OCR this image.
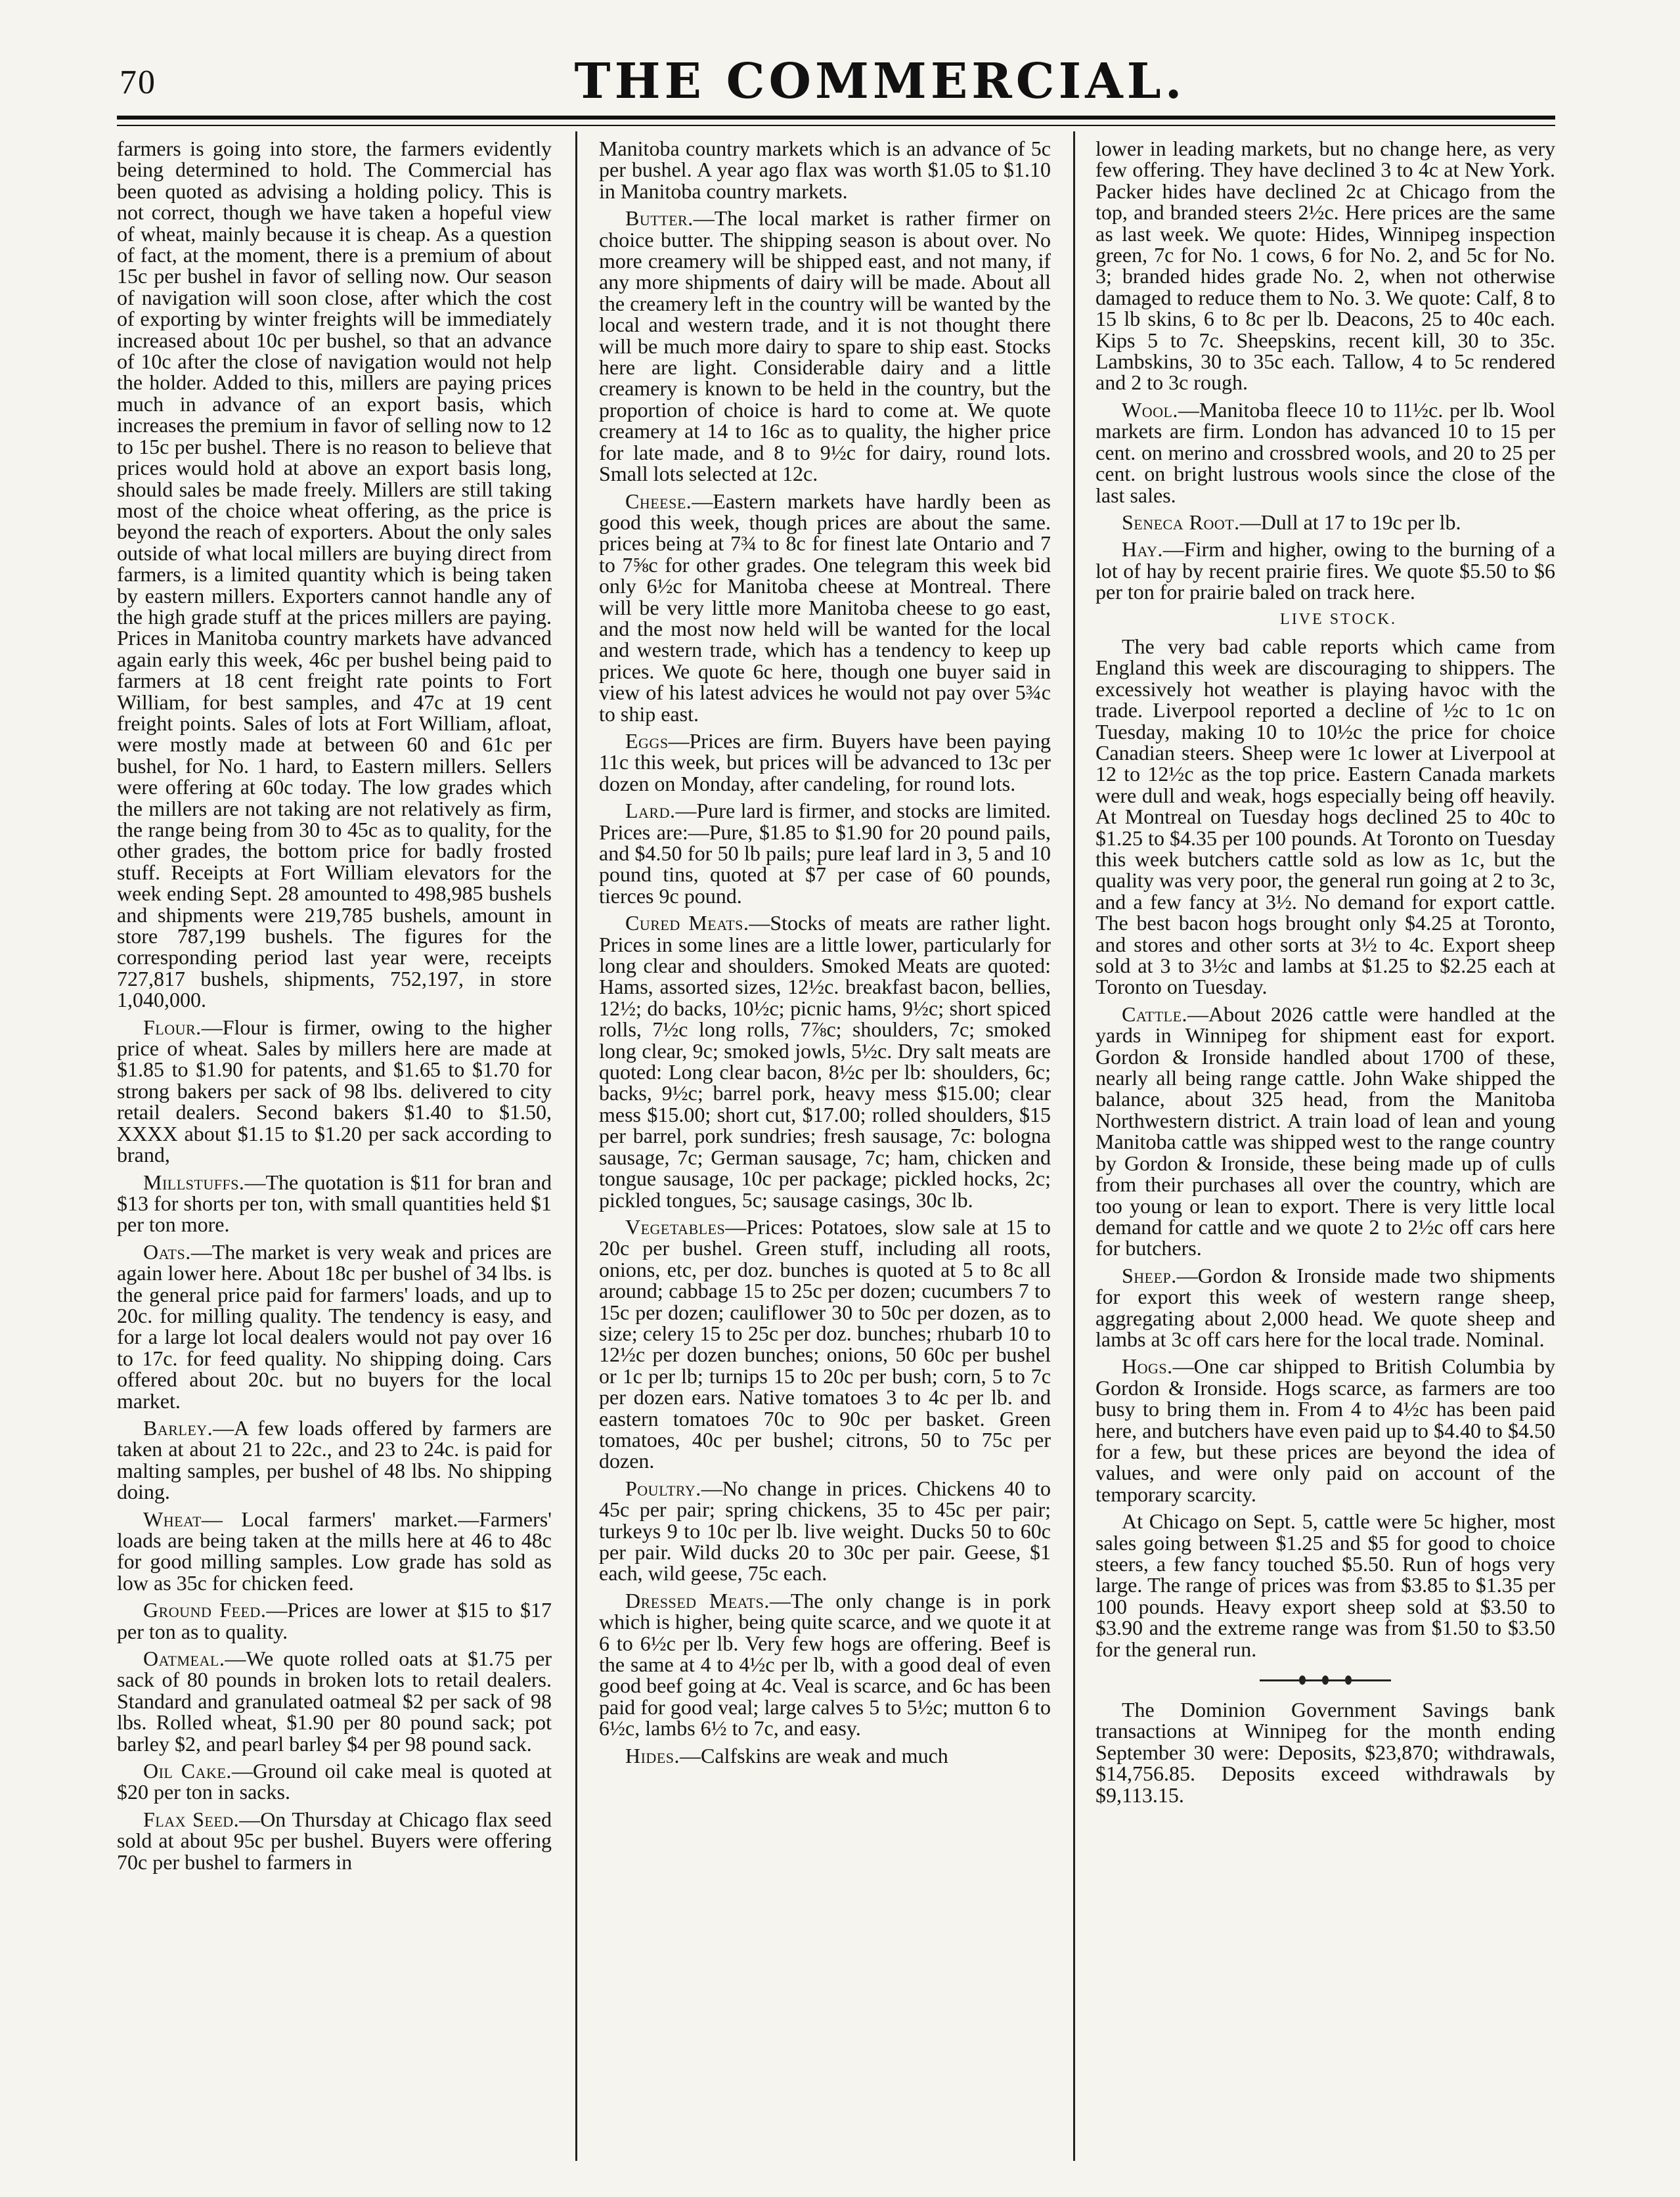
70	THE COMMERCIAL.

farmers is going into store, the farmers evidently being determined to hold. The Commercial has been quoted as advising a holding policy. This is not correct, though we have taken a hopeful view of wheat, mainly because it is cheap. As a question of fact, at the moment, there is a premium of about 15c per bushel in favor of selling now. Our season of navigation will soon close, after which the cost of exporting by winter freights will be immediately increased about 10c per bushel, so that an advance of 10c after the close of navigation would not help the holder. Added to this, millers are paying prices much in advance of an export basis, which increases the premium in favor of selling now to 12 to 15c per bushel. There is no reason to believe that prices would hold at above an export basis long, should sales be made freely. Millers are still taking most of the choice wheat offering, as the price is beyond the reach of exporters. About the only sales outside of what local millers are buying direct from farmers, is a limited quantity which is being taken by eastern millers. Exporters cannot handle any of the high grade stuff at the prices millers are paying. Prices in Manitoba country markets have advanced again early this week, 46c per bushel being paid to farmers at 18 cent freight rate points to Fort William, for best samples, and 47c at 19 cent freight points. Sales of lots at Fort William, afloat, were mostly made at between 60 and 61c per bushel, for No. 1 hard, to Eastern millers. Sellers were offering at 60c today. The low grades which the millers are not taking are not relatively as firm, the range being from 30 to 45c as to quality, for the other grades, the bottom price for badly frosted stuff. Receipts at Fort William elevators for the week ending Sept. 28 amounted to 498,985 bushels and shipments were 219,785 bushels, amount in store 787,199 bushels. The figures for the corresponding period last year were, receipts 727,817 bushels, shipments, 752,197, in store 1,040,000.

Flour.—Flour is firmer, owing to the higher price of wheat. Sales by millers here are made at $1.85 to $1.90 for patents, and $1.65 to $1.70 for strong bakers per sack of 98 lbs. delivered to city retail dealers. Second bakers $1.40 to $1.50, XXXX about $1.15 to $1.20 per sack according to brand,

Millstuffs.—The quotation is $11 for bran and $13 for shorts per ton, with small quantities held $1 per ton more.

Oats.—The market is very weak and prices are again lower here. About 18c per bushel of 34 lbs. is the general price paid for farmers' loads, and up to 20c. for milling quality. The tendency is easy, and for a large lot local dealers would not pay over 16 to 17c. for feed quality. No shipping doing. Cars offered about 20c. but no buyers for the local market.

Barley.—A few loads offered by farmers are taken at about 21 to 22c., and 23 to 24c. is paid for malting samples, per bushel of 48 lbs. No shipping doing.

Wheat— Local farmers' market.—Farmers' loads are being taken at the mills here at 46 to 48c for good milling samples. Low grade has sold as low as 35c for chicken feed.

Ground Feed.—Prices are lower at $15 to $17 per ton as to quality.

Oatmeal.—We quote rolled oats at $1.75 per sack of 80 pounds in broken lots to retail dealers. Standard and granulated oatmeal $2 per sack of 98 lbs. Rolled wheat, $1.90 per 80 pound sack; pot barley $2, and pearl barley $4 per 98 pound sack.

Oil Cake.—Ground oil cake meal is quoted at $20 per ton in sacks.

Flax Seed.—On Thursday at Chicago flax seed sold at about 95c per bushel. Buyers were offering 70c per bushel to farmers in

Manitoba country markets which is an advance of 5c per bushel. A year ago flax was worth $1.05 to $1.10 in Manitoba country markets.

Butter.—The local market is rather firmer on choice butter. The shipping season is about over. No more creamery will be shipped east, and not many, if any more shipments of dairy will be made. About all the creamery left in the country will be wanted by the local and western trade, and it is not thought there will be much more dairy to spare to ship east. Stocks here are light. Considerable dairy and a little creamery is known to be held in the country, but the proportion of choice is hard to come at. We quote creamery at 14 to 16c as to quality, the higher price for late made, and 8 to 9½c for dairy, round lots. Small lots selected at 12c.

Cheese.—Eastern markets have hardly been as good this week, though prices are about the same. prices being at 7¾ to 8c for finest late Ontario and 7 to 7⅝c for other grades. One telegram this week bid only 6½c for Manitoba cheese at Montreal. There will be very little more Manitoba cheese to go east, and the most now held will be wanted for the local and western trade, which has a tendency to keep up prices. We quote 6c here, though one buyer said in view of his latest advices he would not pay over 5¾c to ship east.

Eggs—Prices are firm. Buyers have been paying 11c this week, but prices will be advanced to 13c per dozen on Monday, after candeling, for round lots.

Lard.—Pure lard is firmer, and stocks are limited. Prices are:—Pure, $1.85 to $1.90 for 20 pound pails, and $4.50 for 50 lb pails; pure leaf lard in 3, 5 and 10 pound tins, quoted at $7 per case of 60 pounds, tierces 9c pound.

Cured Meats.—Stocks of meats are rather light. Prices in some lines are a little lower, particularly for long clear and shoulders. Smoked Meats are quoted: Hams, assorted sizes, 12½c. breakfast bacon, bellies, 12½; do backs, 10½c; picnic hams, 9½c; short spiced rolls, 7½c long rolls, 7⅞c; shoulders, 7c; smoked long clear, 9c; smoked jowls, 5½c. Dry salt meats are quoted: Long clear bacon, 8½c per lb: shoulders, 6c; backs, 9½c; barrel pork, heavy mess $15.00; clear mess $15.00; short cut, $17.00; rolled shoulders, $15 per barrel, pork sundries; fresh sausage, 7c: bologna sausage, 7c; German sausage, 7c; ham, chicken and tongue sausage, 10c per package; pickled hocks, 2c; pickled tongues, 5c; sausage casings, 30c lb.

Vegetables—Prices: Potatoes, slow sale at 15 to 20c per bushel. Green stuff, including all roots, onions, etc, per doz. bunches is quoted at 5 to 8c all around; cabbage 15 to 25c per dozen; cucumbers 7 to 15c per dozen; cauliflower 30 to 50c per dozen, as to size; celery 15 to 25c per doz. bunches; rhubarb 10 to 12½c per dozen bunches; onions, 50 60c per bushel or 1c per lb; turnips 15 to 20c per bush; corn, 5 to 7c per dozen ears. Native tomatoes 3 to 4c per lb. and eastern tomatoes 70c to 90c per basket. Green tomatoes, 40c per bushel; citrons, 50 to 75c per dozen.

Poultry.—No change in prices. Chickens 40 to 45c per pair; spring chickens, 35 to 45c per pair; turkeys 9 to 10c per lb. live weight. Ducks 50 to 60c per pair. Wild ducks 20 to 30c per pair. Geese, $1 each, wild geese, 75c each.

Dressed Meats.—The only change is in pork which is higher, being quite scarce, and we quote it at 6 to 6½c per lb. Very few hogs are offering. Beef is the same at 4 to 4½c per lb, with a good deal of even good beef going at 4c. Veal is scarce, and 6c has been paid for good veal; large calves 5 to 5½c; mutton 6 to 6½c, lambs 6½ to 7c, and easy.

Hides.—Calfskins are weak and much

lower in leading markets, but no change here, as very few offering. They have declined 3 to 4c at New York. Packer hides have declined 2c at Chicago from the top, and branded steers 2½c. Here prices are the same as last week. We quote: Hides, Winnipeg inspection green, 7c for No. 1 cows, 6 for No. 2, and 5c for No. 3; branded hides grade No. 2, when not otherwise damaged to reduce them to No. 3. We quote: Calf, 8 to 15 lb skins, 6 to 8c per lb. Deacons, 25 to 40c each. Kips 5 to 7c. Sheepskins, recent kill, 30 to 35c. Lambskins, 30 to 35c each. Tallow, 4 to 5c rendered and 2 to 3c rough.

Wool.—Manitoba fleece 10 to 11½c. per lb. Wool markets are firm. London has advanced 10 to 15 per cent. on merino and crossbred wools, and 20 to 25 per cent. on bright lustrous wools since the close of the last sales.

Seneca Root.—Dull at 17 to 19c per lb.

Hay.—Firm and higher, owing to the burning of a lot of hay by recent prairie fires. We quote $5.50 to $6 per ton for prairie baled on track here.

LIVE STOCK.

The very bad cable reports which came from England this week are discouraging to shippers. The excessively hot weather is playing havoc with the trade. Liverpool reported a decline of ½c to 1c on Tuesday, making 10 to 10½c the price for choice Canadian steers. Sheep were 1c lower at Liverpool at 12 to 12½c as the top price. Eastern Canada markets were dull and weak, hogs especially being off heavily. At Montreal on Tuesday hogs declined 25 to 40c to $1.25 to $4.35 per 100 pounds. At Toronto on Tuesday this week butchers cattle sold as low as 1c, but the quality was very poor, the general run going at 2 to 3c, and a few fancy at 3½. No demand for export cattle. The best bacon hogs brought only $4.25 at Toronto, and stores and other sorts at 3½ to 4c. Export sheep sold at 3 to 3½c and lambs at $1.25 to $2.25 each at Toronto on Tuesday.

Cattle.—About 2026 cattle were handled at the yards in Winnipeg for shipment east for export. Gordon & Ironside handled about 1700 of these, nearly all being range cattle. John Wake shipped the balance, about 325 head, from the Manitoba Northwestern district. A train load of lean and young Manitoba cattle was shipped west to the range country by Gordon & Ironside, these being made up of culls from their purchases all over the country, which are too young or lean to export. There is very little local demand for cattle and we quote 2 to 2½c off cars here for butchers.

Sheep.—Gordon & Ironside made two shipments for export this week of western range sheep, aggregating about 2,000 head. We quote sheep and lambs at 3c off cars here for the local trade. Nominal.

Hogs.—One car shipped to British Columbia by Gordon & Ironside. Hogs scarce, as farmers are too busy to bring them in. From 4 to 4½c has been paid here, and butchers have even paid up to $4.40 to $4.50 for a few, but these prices are beyond the idea of values, and were only paid on account of the temporary scarcity.

At Chicago on Sept. 5, cattle were 5c higher, most sales going between $1.25 and $5 for good to choice steers, a few fancy touched $5.50. Run of hogs very large. The range of prices was from $3.85 to $1.35 per 100 pounds. Heavy export sheep sold at $3.50 to $3.90 and the extreme range was from $1.50 to $3.50 for the general run.

The Dominion Government Savings bank transactions at Winnipeg for the month ending September 30 were: Deposits, $23,870; withdrawals, $14,756.85. Deposits exceed withdrawals by $9,113.15.
